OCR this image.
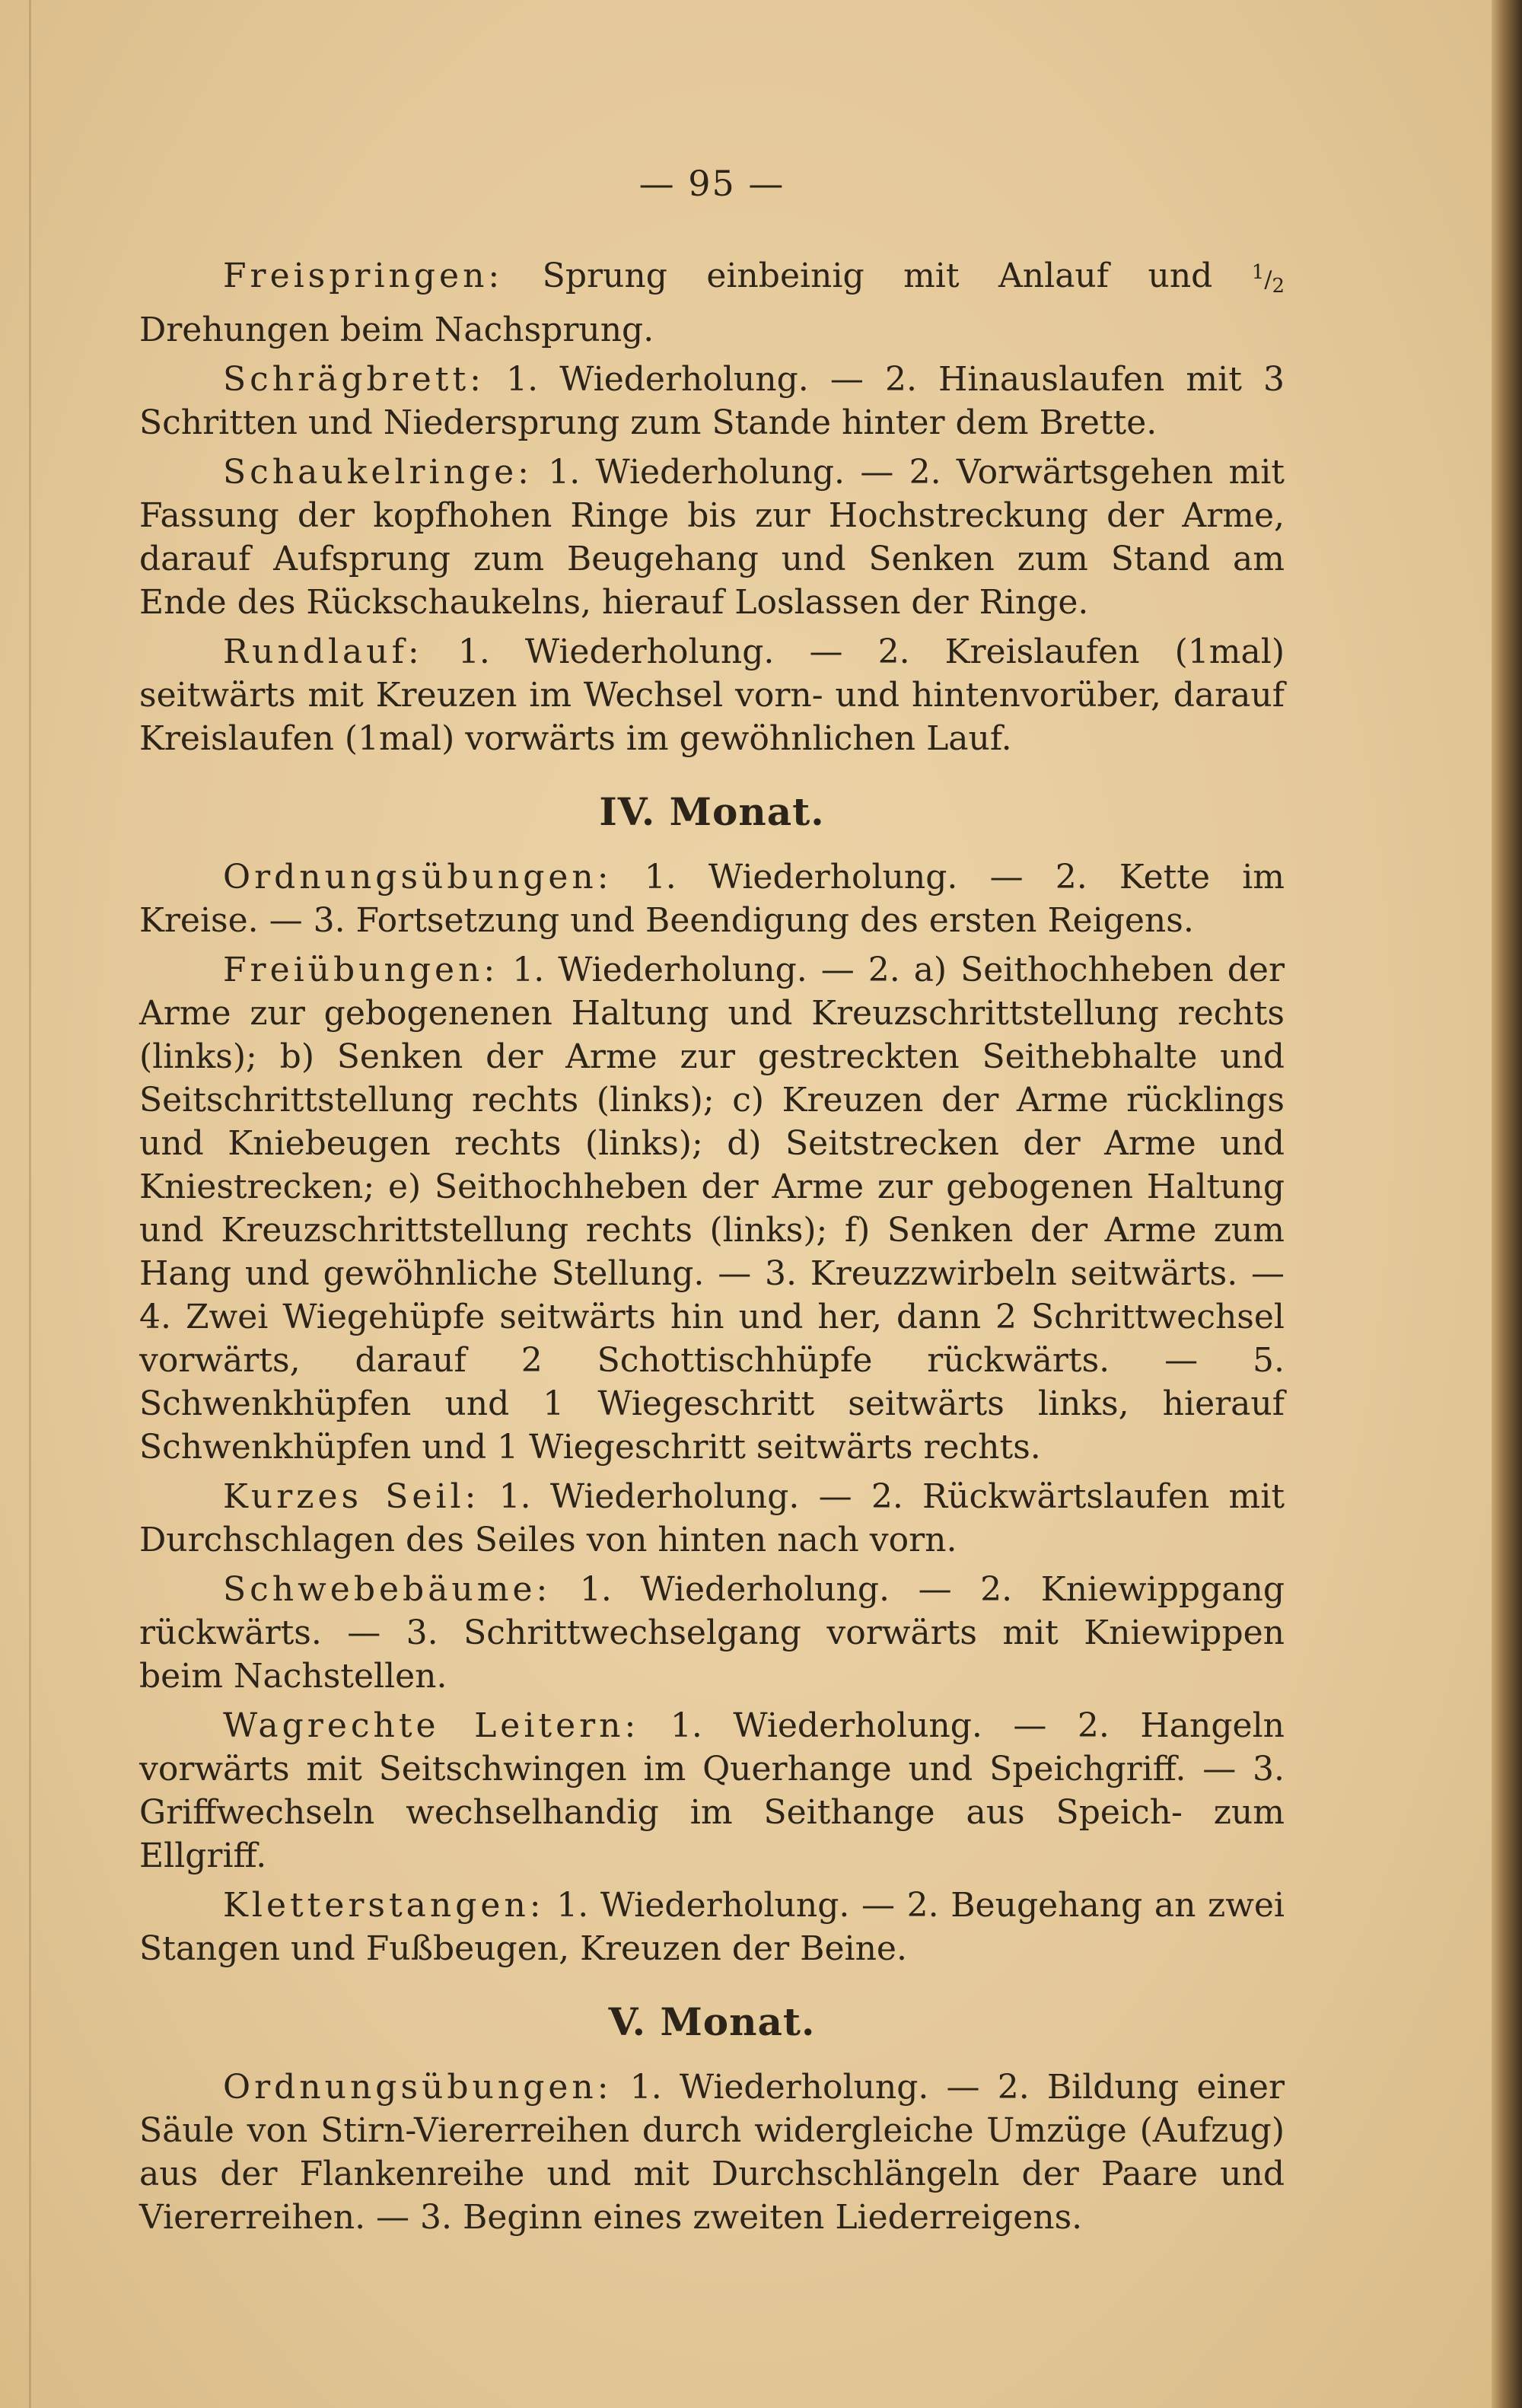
— 95 —

Freispringen: Sprung einbeinig mit Anlauf und $^1/_2$ Drehungen beim Nachsprung.

Schrägbrett: 1. Wiederholung. — 2. Hinauslaufen mit 3 Schritten und Niedersprung zum Stande hinter dem Brette.

Schaukelringe: 1. Wiederholung. — 2. Vorwärtsgehen mit Fassung der kopfhohen Ringe bis zur Hochstreckung der Arme, darauf Aufsprung zum Beugehang und Senken zum Stand am Ende des Rückschaukelns, hierauf Loslassen der Ringe.

Rundlauf: 1. Wiederholung. — 2. Kreislaufen (1mal) seitwärts mit Kreuzen im Wechsel vorn- und hintenvorüber, darauf Kreislaufen (1mal) vorwärts im gewöhnlichen Lauf.

IV. Monat.

Ordnungsübungen: 1. Wiederholung. — 2. Kette im Kreise. — 3. Fortsetzung und Beendigung des ersten Reigens.

Freiübungen: 1. Wiederholung. — 2. a) Seithochheben der Arme zur gebogenenen Haltung und Kreuzschrittstellung rechts (links); b) Senken der Arme zur gestreckten Seithebhalte und Seitschrittstellung rechts (links); c) Kreuzen der Arme rücklings und Kniebeugen rechts (links); d) Seitstrecken der Arme und Kniestrecken; e) Seithochheben der Arme zur gebogenen Haltung und Kreuzschrittstellung rechts (links); f) Senken der Arme zum Hang und gewöhnliche Stellung. — 3. Kreuzzwirbeln seitwärts. — 4. Zwei Wiegehüpfe seitwärts hin und her, dann 2 Schrittwechsel vorwärts, darauf 2 Schottischhüpfe rückwärts. — 5. Schwenkhüpfen und 1 Wiegeschritt seitwärts links, hierauf Schwenkhüpfen und 1 Wiegeschritt seitwärts rechts.

Kurzes Seil: 1. Wiederholung. — 2. Rückwärtslaufen mit Durchschlagen des Seiles von hinten nach vorn.

Schwebebäume: 1. Wiederholung. — 2. Kniewippgang rückwärts. — 3. Schrittwechselgang vorwärts mit Kniewippen beim Nachstellen.

Wagrechte Leitern: 1. Wiederholung. — 2. Hangeln vorwärts mit Seitschwingen im Querhange und Speichgriff. — 3. Griffwechseln wechselhandig im Seithange aus Speich- zum Ellgriff.

Kletterstangen: 1. Wiederholung. — 2. Beugehang an zwei Stangen und Fußbeugen, Kreuzen der Beine.

V. Monat.

Ordnungsübungen: 1. Wiederholung. — 2. Bildung einer Säule von Stirn-Viererreihen durch widergleiche Umzüge (Aufzug) aus der Flankenreihe und mit Durchschlängeln der Paare und Viererreihen. — 3. Beginn eines zweiten Liederreigens.
